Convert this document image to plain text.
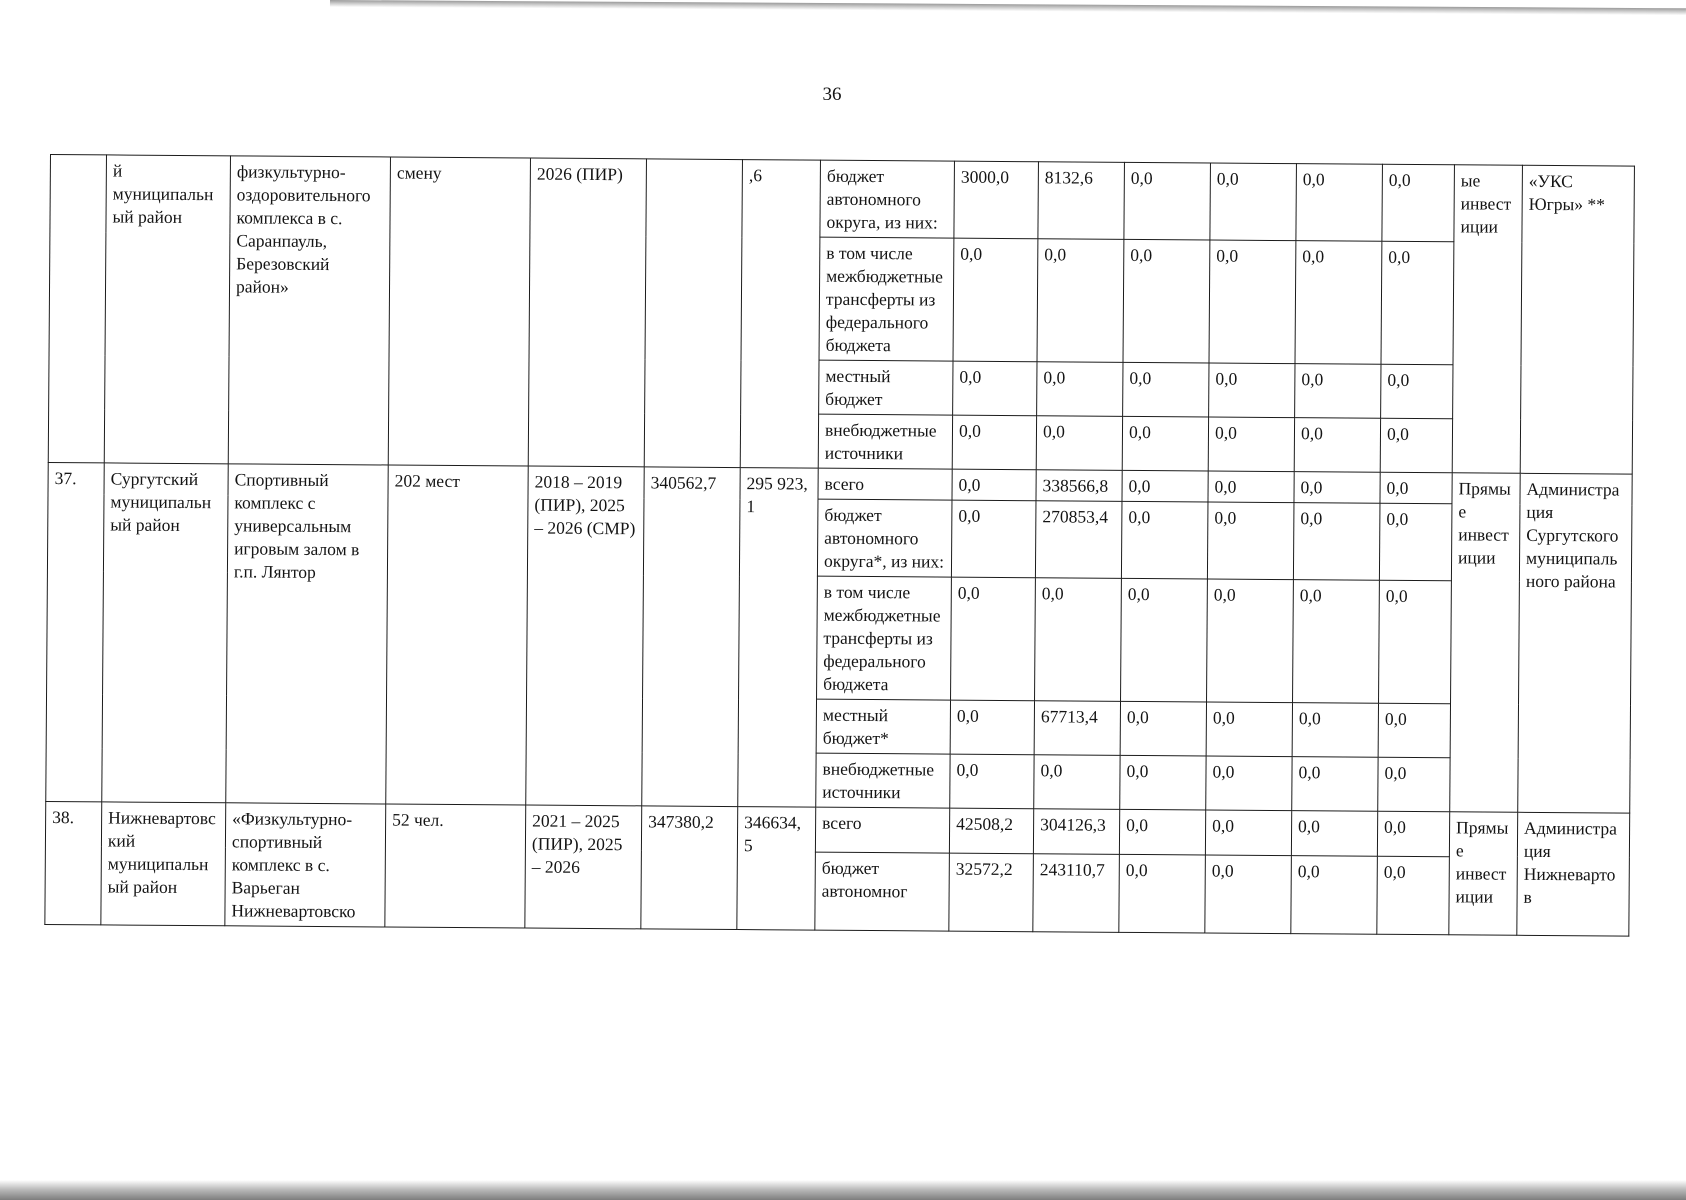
36
	й муниципальный район	физкультурно-оздоровительного комплекса в с. Саранпауль, Березовский район»	смену	2026 (ПИР)		,6	бюджет автономного округа, из них:	3000,0	8132,6	0,0	0,0	0,0	0,0	ые инвестиции	«УКС Югры» **
							в том числе межбюджетные трансферты из федерального бюджета	0,0	0,0	0,0	0,0	0,0	0,0		
							местный бюджет	0,0	0,0	0,0	0,0	0,0	0,0		
							внебюджетные источники	0,0	0,0	0,0	0,0	0,0	0,0		
37.	Сургутский муниципальный район	Спортивный комплекс с универсальным игровым залом в г.п. Лянтор	202 мест	2018 – 2019 (ПИР), 2025 – 2026 (СМР)	340562,7	295 923,1	всего	0,0	338566,8	0,0	0,0	0,0	0,0	Прямые инвестиции	Администрация Сургутского муниципального района
							бюджет автономного округа*, из них:	0,0	270853,4	0,0	0,0	0,0	0,0		
							в том числе межбюджетные трансферты из федерального бюджета	0,0	0,0	0,0	0,0	0,0	0,0		
							местный бюджет*	0,0	67713,4	0,0	0,0	0,0	0,0		
							внебюджетные источники	0,0	0,0	0,0	0,0	0,0	0,0		
38.	Нижневартовский муниципальный район	«Физкультурно-спортивный комплекс в с. Варьеган Нижневартовско	52 чел.	2021 – 2025 (ПИР), 2025 – 2026	347380,2	346634,5	всего	42508,2	304126,3	0,0	0,0	0,0	0,0	Прямые инвестиции	Администрация Нижневартов
							бюджет автономног	32572,2	243110,7	0,0	0,0	0,0	0,0		
